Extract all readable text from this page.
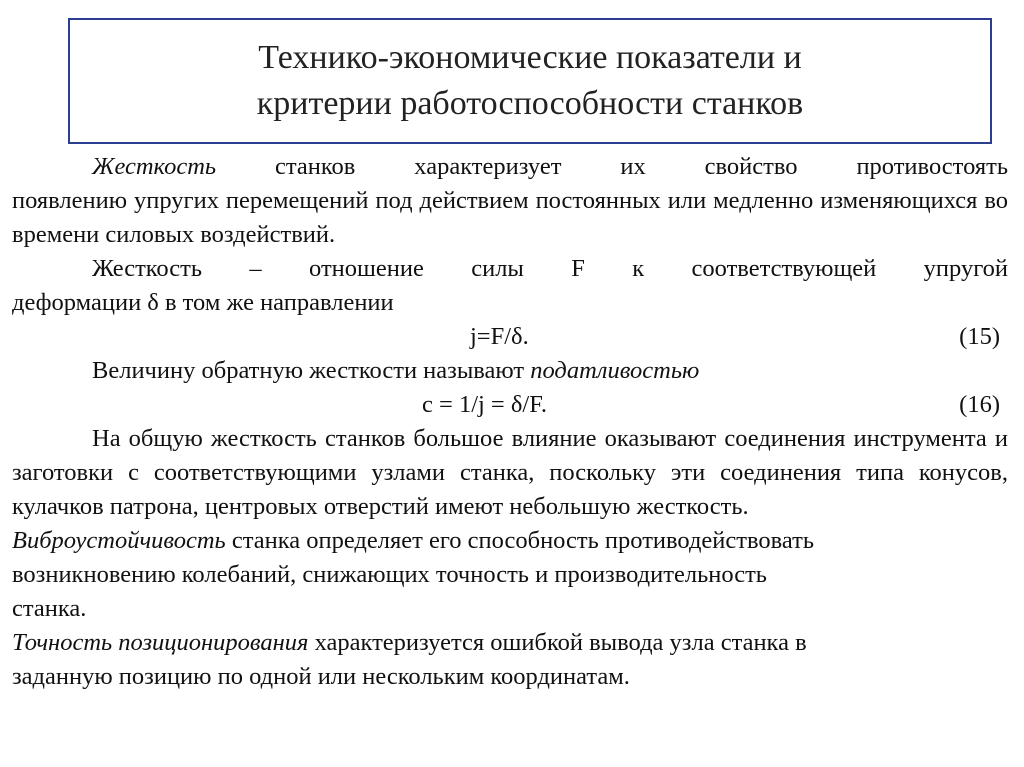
Технико-экономические показатели и
критерии работоспособности станков

Жесткость станков характеризует их свойство противостоять

появлению упругих перемещений под действием постоянных или медленно изменяющихся во времени силовых воздействий.

Жесткость – отношение силы F к соответствующей упругой

деформации δ в том же направлении

j=F/δ.	(15)

Величину обратную жесткости называют податливостью

c = 1/j = δ/F.	(16)

На общую жесткость станков большое влияние оказывают соединения инструмента и заготовки с соответствующими узлами станка, поскольку эти соединения типа конусов, кулачков патрона, центровых отверстий имеют небольшую жесткость.

Виброустойчивость станка определяет его способность противодействовать

возникновению колебаний, снижающих точность и производительность

станка.

Точность позиционирования характеризуется ошибкой вывода узла станка в

заданную позицию по одной или нескольким координатам.
